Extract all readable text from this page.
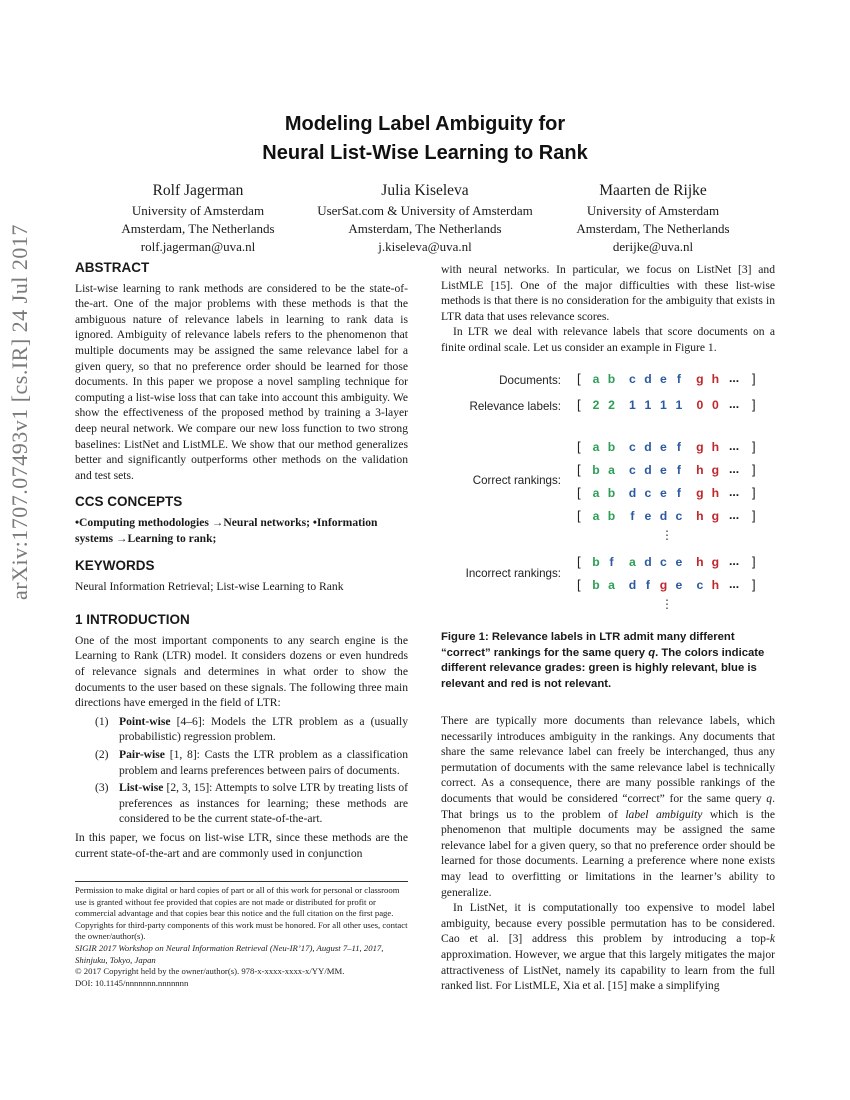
arXiv:1707.07493v1 [cs.IR] 24 Jul 2017
Modeling Label Ambiguity for
Neural List-Wise Learning to Rank
Rolf Jagerman
University of Amsterdam
Amsterdam, The Netherlands
rolf.jagerman@uva.nl
Julia Kiseleva
UserSat.com & University of Amsterdam
Amsterdam, The Netherlands
j.kiseleva@uva.nl
Maarten de Rijke
University of Amsterdam
Amsterdam, The Netherlands
derijke@uva.nl
ABSTRACT

List-wise learning to rank methods are considered to be the state-of-the-art. One of the major problems with these methods is that the ambiguous nature of relevance labels in learning to rank data is ignored. Ambiguity of relevance labels refers to the phenomenon that multiple documents may be assigned the same relevance label for a given query, so that no preference order should be learned for those documents. In this paper we propose a novel sampling technique for computing a list-wise loss that can take into account this ambiguity. We show the effectiveness of the proposed method by training a 3-layer deep neural network. We compare our new loss function to two strong baselines: ListNet and ListMLE. We show that our method generalizes better and significantly outperforms other methods on the validation and test sets.

CCS CONCEPTS

•Computing methodologies →Neural networks; •Information systems →Learning to rank;

KEYWORDS

Neural Information Retrieval; List-wise Learning to Rank

1 INTRODUCTION

One of the most important components to any search engine is the Learning to Rank (LTR) model. It considers dozens or even hundreds of relevance signals and determines in what order to show the documents to the user based on these signals. The following three main directions have emerged in the field of LTR:

(1) Point-wise [4–6]: Models the LTR problem as a (usually probabilistic) regression problem.
(2) Pair-wise [1, 8]: Casts the LTR problem as a classification problem and learns preferences between pairs of documents.
(3) List-wise [2, 3, 15]: Attempts to solve LTR by treating lists of preferences as instances for learning; these methods are considered to be the current state-of-the-art.

In this paper, we focus on list-wise LTR, since these methods are the current state-of-the-art and are commonly used in conjunction

Permission to make digital or hard copies of part or all of this work for personal or classroom use is granted without fee provided that copies are not made or distributed for profit or commercial advantage and that copies bear this notice and the full citation on the first page. Copyrights for third-party components of this work must be honored. For all other uses, contact the owner/author(s).
SIGIR 2017 Workshop on Neural Information Retrieval (Neu-IR’17), August 7–11, 2017, Shinjuku, Tokyo, Japan
© 2017 Copyright held by the owner/author(s). 978-x-xxxx-xxxx-x/YY/MM.
DOI: 10.1145/nnnnnnn.nnnnnnn

with neural networks. In particular, we focus on ListNet [3] and ListMLE [15]. One of the major difficulties with these list-wise methods is that there is no consideration for the ambiguity that exists in LTR data that uses relevance scores.

In LTR we deal with relevance labels that score documents on a finite ordinal scale. Let us consider an example in Figure 1.

Documents: [ a b c d e f	g h ... ]
Relevance labels: [ 2 2 1 1 1 1 0 0 ... ]
Correct rankings:
[ a b c d e f	g h ... ]
[ b a c d e f	h g ... ]
[ a b d c e f	g h ... ]
[ a b	f e d c h g ... ]
⋮
Incorrect rankings:
[ b f	a d c e h g ... ]
[ b a d f g e c h ... ]
⋮
Figure 1: Relevance labels in LTR admit many different “correct” rankings for the same query q. The colors indicate different relevance grades: green is highly relevant, blue is relevant and red is not relevant.

There are typically more documents than relevance labels, which necessarily introduces ambiguity in the rankings. Any documents that share the same relevance label can freely be interchanged, thus any permutation of documents with the same relevance label is technically correct. As a consequence, there are many possible rankings of the documents that would be considered “correct” for the same query q. That brings us to the problem of label ambiguity which is the phenomenon that multiple documents may be assigned the same relevance label for a given query, so that no preference order should be learned for those documents. Learning a preference where none exists may lead to overfitting or limitations in the learner’s ability to generalize.

In ListNet, it is computationally too expensive to model label ambiguity, because every possible permutation has to be considered. Cao et al. [3] address this problem by introducing a top-k approximation. However, we argue that this largely mitigates the major attractiveness of ListNet, namely its capability to learn from the full ranked list. For ListMLE, Xia et al. [15] make a simplifying
